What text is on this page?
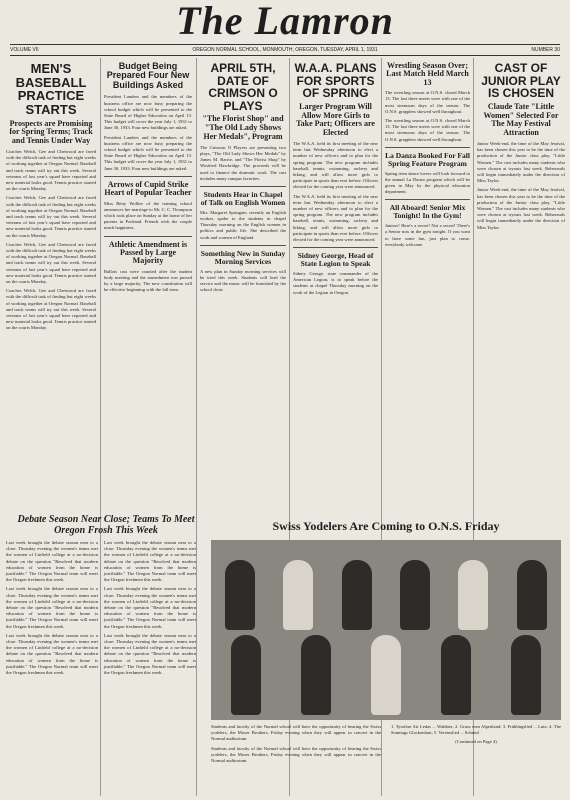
The Lamron
VOLUME VII	OREGON NORMAL SCHOOL, MONMOUTH, OREGON, TUESDAY, APRIL 1, 1931	NUMBER 30
MEN'S BASEBALL PRACTICE STARTS

Prospects are Promising for Spring Terms; Track and Tennis Under Way

Coaches Welch, Gee and Chetwood are faced with the difficult task of finding but eight weeks of working together at Oregon Normal. Baseball and track teams will try out this week. Several veterans of last year's squad have reported and new material looks good. Tennis practice started on the courts Monday.

Coaches Welch, Gee and Chetwood are faced with the difficult task of finding but eight weeks of working together at Oregon Normal. Baseball and track teams will try out this week. Several veterans of last year's squad have reported and new material looks good. Tennis practice started on the courts Monday.

Coaches Welch, Gee and Chetwood are faced with the difficult task of finding but eight weeks of working together at Oregon Normal. Baseball and track teams will try out this week. Several veterans of last year's squad have reported and new material looks good. Tennis practice started on the courts Monday.

Coaches Welch, Gee and Chetwood are faced with the difficult task of finding but eight weeks of working together at Oregon Normal. Baseball and track teams will try out this week. Several veterans of last year's squad have reported and new material looks good. Tennis practice started on the courts Monday.

Debate Season Near Close; Teams To Meet Oregon Frosh This Week

Last week brought the debate season near to a close. Thursday evening the women's teams met the women of Linfield college at a no-decision debate on the question "Resolved that modern education of women from the home is justifiable." The Oregon Normal team will meet the Oregon freshmen this week.

Last week brought the debate season near to a close. Thursday evening the women's teams met the women of Linfield college at a no-decision debate on the question "Resolved that modern education of women from the home is justifiable." The Oregon Normal team will meet the Oregon freshmen this week.

Last week brought the debate season near to a close. Thursday evening the women's teams met the women of Linfield college at a no-decision debate on the question "Resolved that modern education of women from the home is justifiable." The Oregon Normal team will meet the Oregon freshmen this week.

Last week brought the debate season near to a close. Thursday evening the women's teams met the women of Linfield college at a no-decision debate on the question "Resolved that modern education of women from the home is justifiable." The Oregon Normal team will meet the Oregon freshmen this week.

Last week brought the debate season near to a close. Thursday evening the women's teams met the women of Linfield college at a no-decision debate on the question "Resolved that modern education of women from the home is justifiable." The Oregon Normal team will meet the Oregon freshmen this week.

Last week brought the debate season near to a close. Thursday evening the women's teams met the women of Linfield college at a no-decision debate on the question "Resolved that modern education of women from the home is justifiable." The Oregon Normal team will meet the Oregon freshmen this week.

Budget Being Prepared Four New Buildings Asked

President Landers and the members of the business office are now busy preparing the school budget which will be presented to the State Board of Higher Education on April 13. This budget will cover the year July 1, 1931 to June 30, 1933. Four new buildings are asked.

President Landers and the members of the business office are now busy preparing the school budget which will be presented to the State Board of Higher Education on April 13. This budget will cover the year July 1, 1931 to June 30, 1933. Four new buildings are asked.

Arrows of Cupid Strike Heart of Popular Teacher

Miss Betty Wollter of the training school announces her marriage to Mr. C. C. Thompson which took place on Sunday at the home of her parents in Portland. Friends wish the couple much happiness.

Athletic Amendment is Passed by Large Majority

Ballots cast were counted after the student body meeting and the amendment was passed by a large majority. The new constitution will be effective beginning with the fall term.

APRIL 5TH, DATE OF CRIMSON O PLAYS

"The Florist Shop" and "The Old Lady Shows Her Medals", Program

The Crimson O Players are presenting two plays, "The Old Lady Shows Her Medals" by James M. Barrie, and "The Florist Shop" by Winifred Hawkridge. The proceeds will be used to finance the dramatic work. The cast includes many campus favorites.

Students Hear in Chapel of Talk on English Women

Mrs. Margaret Springate, recently an English worker, spoke to the students in chapel Thursday morning on the English women in politics and public life. She described the work and women of England.

Something New in Sunday Morning Services

A new plan in Sunday morning services will be tried this week. Students will lead the service and the music will be furnished by the school choir.

W.A.A. PLANS FOR SPORTS OF SPRING

Larger Program Will Allow More Girls to Take Part; Officers are Elected

The W.A.A. held its first meeting of the new term last Wednesday afternoon to elect a number of new officers and to plan for the spring program. The new program includes baseball, tennis, swimming, archery and hiking, and will allow more girls to participate in sports than ever before. Officers elected for the coming year were announced.

The W.A.A. held its first meeting of the new term last Wednesday afternoon to elect a number of new officers and to plan for the spring program. The new program includes baseball, tennis, swimming, archery and hiking, and will allow more girls to participate in sports than ever before. Officers elected for the coming year were announced.

Sidney George, Head of State Legion to Speak

Sidney George, state commander of the American Legion, is to speak before the students at chapel Thursday morning on the work of the Legion in Oregon.

Wrestling Season Over; Last Match Held March 13

The wrestling season at O.N.S. closed March 13. The last three meets were with one of the most strenuous days of the season. The O.N.S. grapplers showed well throughout.

The wrestling season at O.N.S. closed March 13. The last three meets were with one of the most strenuous days of the season. The O.N.S. grapplers showed well throughout.

La Danza Booked For Fall Spring Feature Program

Spring term dance lovers will look forward to the annual La Danza program which will be given in May by the physical education department.

All Aboard! Senior Mix Tonight! In the Gym!

Juniors! Here's a secret! Not a secret! There's a Senior mix in the gym tonight. If you want to have some fun, just plan to come, everybody welcome.

CAST OF JUNIOR PLAY IS CHOSEN

Claude Tate "Little Women" Selected For The May Festival Attraction

Junior Week-end, the time of the May festival, has been chosen this year to be the time of the production of the Junior class play, "Little Women." The cast includes many students who were chosen at tryouts last week. Rehearsals will begin immediately under the direction of Miss Taylor.

Junior Week-end, the time of the May festival, has been chosen this year to be the time of the production of the Junior class play, "Little Women." The cast includes many students who were chosen at tryouts last week. Rehearsals will begin immediately under the direction of Miss Taylor.

Swiss Yodelers Are Coming to O.N.S. Friday

Students and faculty of the Normal school will have the opportunity of hearing the Swiss yodelers, the Moser Brothers, Friday evening when they will appear in concert in the Normal auditorium.

Students and faculty of the Normal school will have the opportunity of hearing the Swiss yodelers, the Moser Brothers, Friday evening when they will appear in concert in the Normal auditorium.

1. Tyrolese Air Ledas ... Waldner; 2. Gruss vom Alpenland; 3. Frühlingslied ... Lutz; 4. The Sonntags Glockenlaut; 5. Vereinslied ... Schmid

(Continued on Page 4)
